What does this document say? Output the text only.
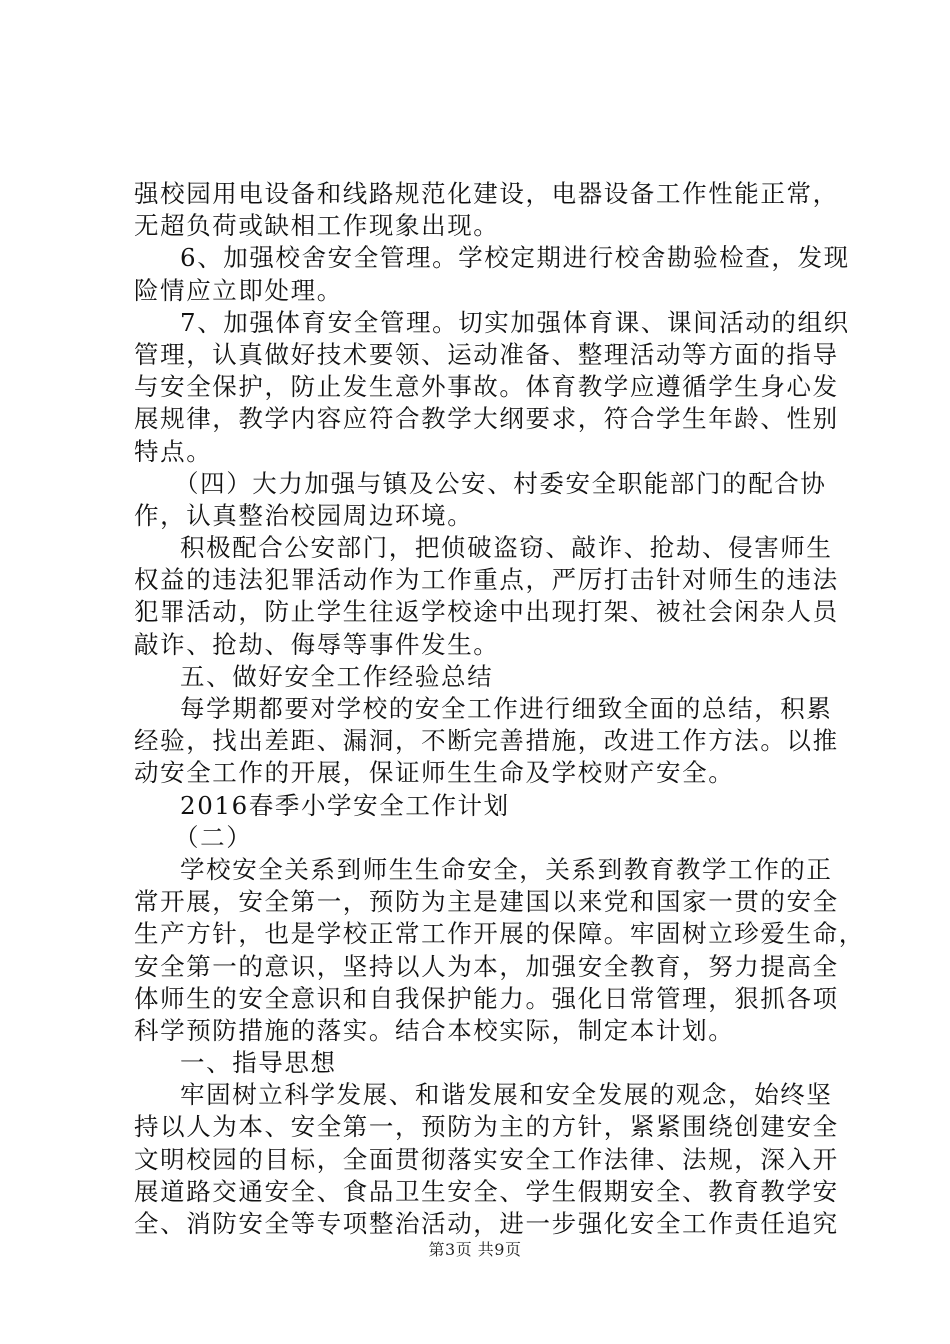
强校园用电设备和线路规范化建设，电器设备工作性能正常，
无超负荷或缺相工作现象出现。
6、加强校舍安全管理。学校定期进行校舍勘验检查，发现
险情应立即处理。
7、加强体育安全管理。切实加强体育课、课间活动的组织
管理，认真做好技术要领、运动准备、整理活动等方面的指导
与安全保护，防止发生意外事故。体育教学应遵循学生身心发
展规律，教学内容应符合教学大纲要求，符合学生年龄、性别
特点。
（四）大力加强与镇及公安、村委安全职能部门的配合协
作，认真整治校园周边环境。
积极配合公安部门，把侦破盗窃、敲诈、抢劫、侵害师生
权益的违法犯罪活动作为工作重点，严厉打击针对师生的违法
犯罪活动，防止学生往返学校途中出现打架、被社会闲杂人员
敲诈、抢劫、侮辱等事件发生。
五、做好安全工作经验总结
每学期都要对学校的安全工作进行细致全面的总结，积累
经验，找出差距、漏洞，不断完善措施，改进工作方法。以推
动安全工作的开展，保证师生生命及学校财产安全。
2016春季小学安全工作计划
（二）
学校安全关系到师生生命安全，关系到教育教学工作的正
常开展，安全第一，预防为主是建国以来党和国家一贯的安全
生产方针，也是学校正常工作开展的保障。牢固树立珍爱生命，
安全第一的意识，坚持以人为本，加强安全教育，努力提高全
体师生的安全意识和自我保护能力。强化日常管理，狠抓各项
科学预防措施的落实。结合本校实际，制定本计划。
一、指导思想
牢固树立科学发展、和谐发展和安全发展的观念，始终坚
持以人为本、安全第一，预防为主的方针，紧紧围绕创建安全
文明校园的目标，全面贯彻落实安全工作法律、法规，深入开
展道路交通安全、食品卫生安全、学生假期安全、教育教学安
全、消防安全等专项整治活动，进一步强化安全工作责任追究
第3页 共9页
